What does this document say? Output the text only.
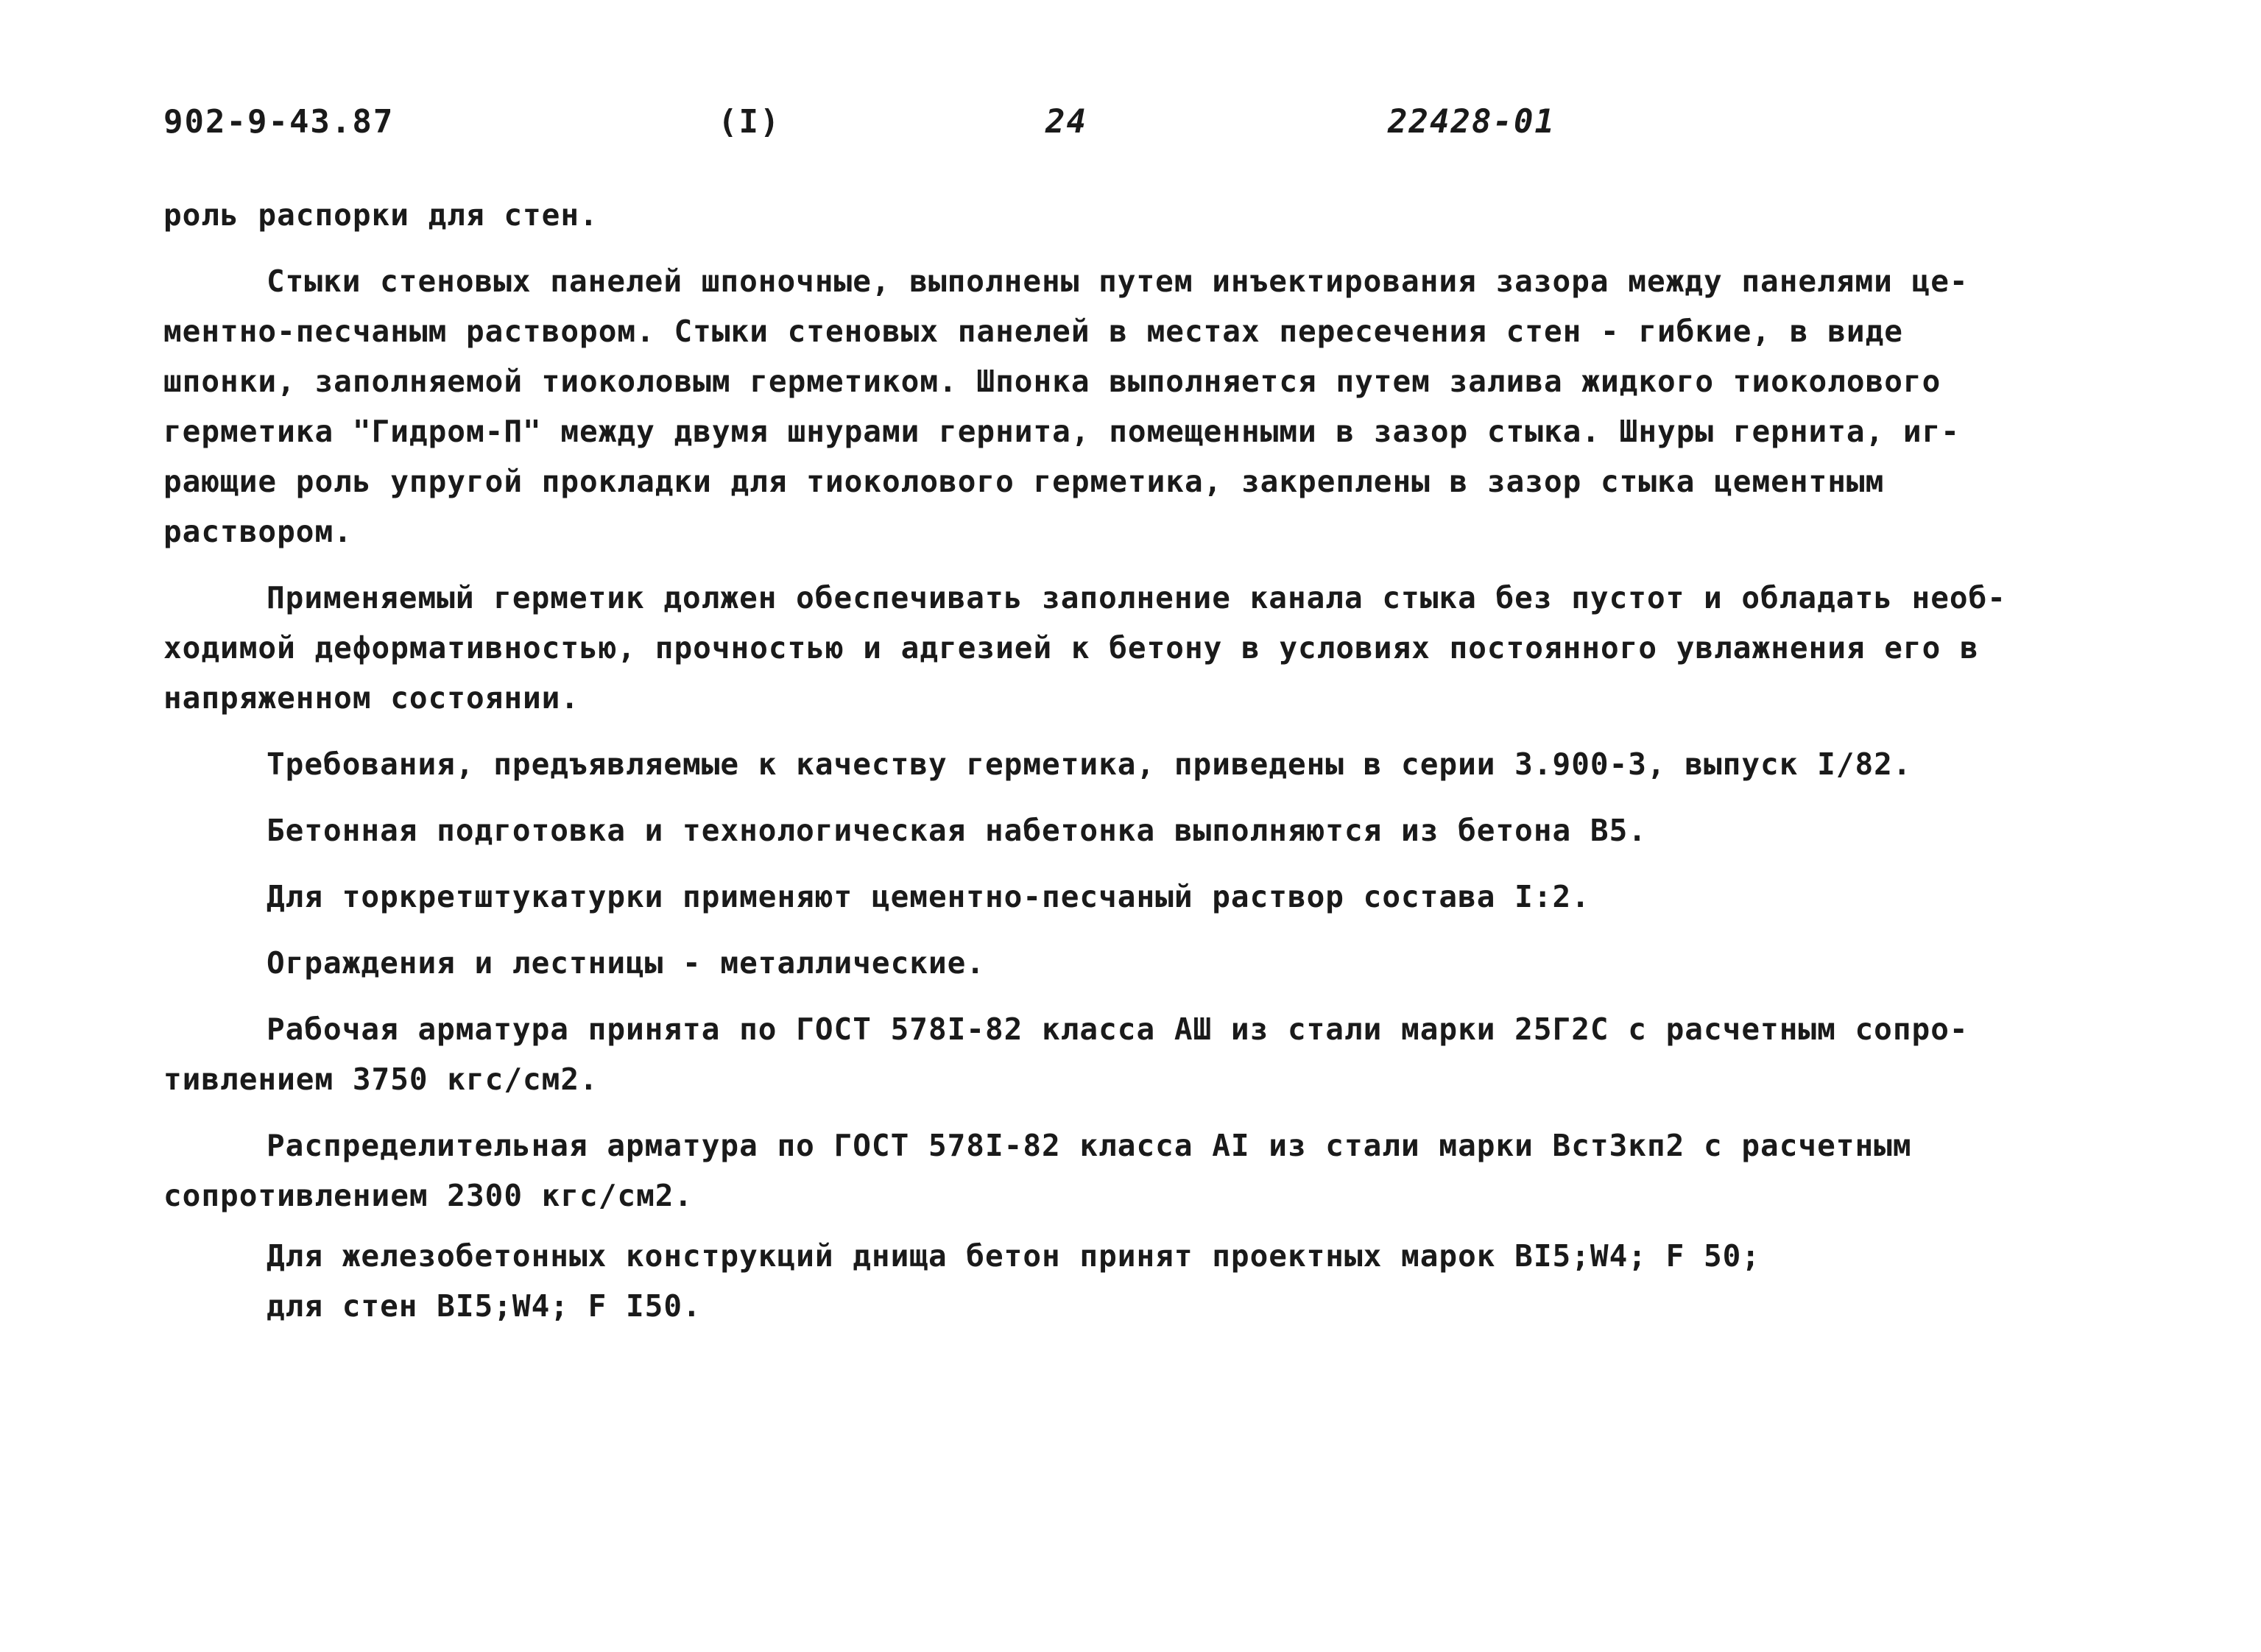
902-9-43.87	(I)	24	22428-01

роль распорки для стен.

Стыки стеновых панелей шпоночные, выполнены путем инъектирования зазора между панелями це-

ментно-песчаным раствором. Стыки стеновых панелей в местах пересечения стен - гибкие, в виде

шпонки, заполняемой тиоколовым герметиком. Шпонка выполняется путем залива жидкого тиоколового

герметика "Гидром-П" между двумя шнурами гернита, помещенными в зазор стыка. Шнуры гернита, иг-

рающие роль упругой прокладки для тиоколового герметика, закреплены в зазор стыка цементным

раствором.

Применяемый герметик должен обеспечивать заполнение канала стыка без пустот и обладать необ-

ходимой деформативностью, прочностью и адгезией к бетону в условиях постоянного увлажнения его в

напряженном состоянии.

Требования, предъявляемые к качеству герметика, приведены в серии 3.900-3, выпуск I/82.

Бетонная подготовка и технологическая набетонка выполняются из бетона В5.

Для торкретштукатурки применяют цементно-песчаный раствор состава I:2.

Ограждения и лестницы - металлические.

Рабочая арматура принята по ГОСТ 578I-82 класса АШ из стали марки 25Г2С с расчетным сопро-

тивлением 3750 кгс/см2.

Распределительная арматура по ГОСТ 578I-82 класса АI из стали марки ВстЗкп2 с расчетным

сопротивлением 2300 кгс/см2.

Для железобетонных конструкций днища бетон принят проектных марок ВI5;W4; F 50;

для стен ВI5;W4; F I50.
